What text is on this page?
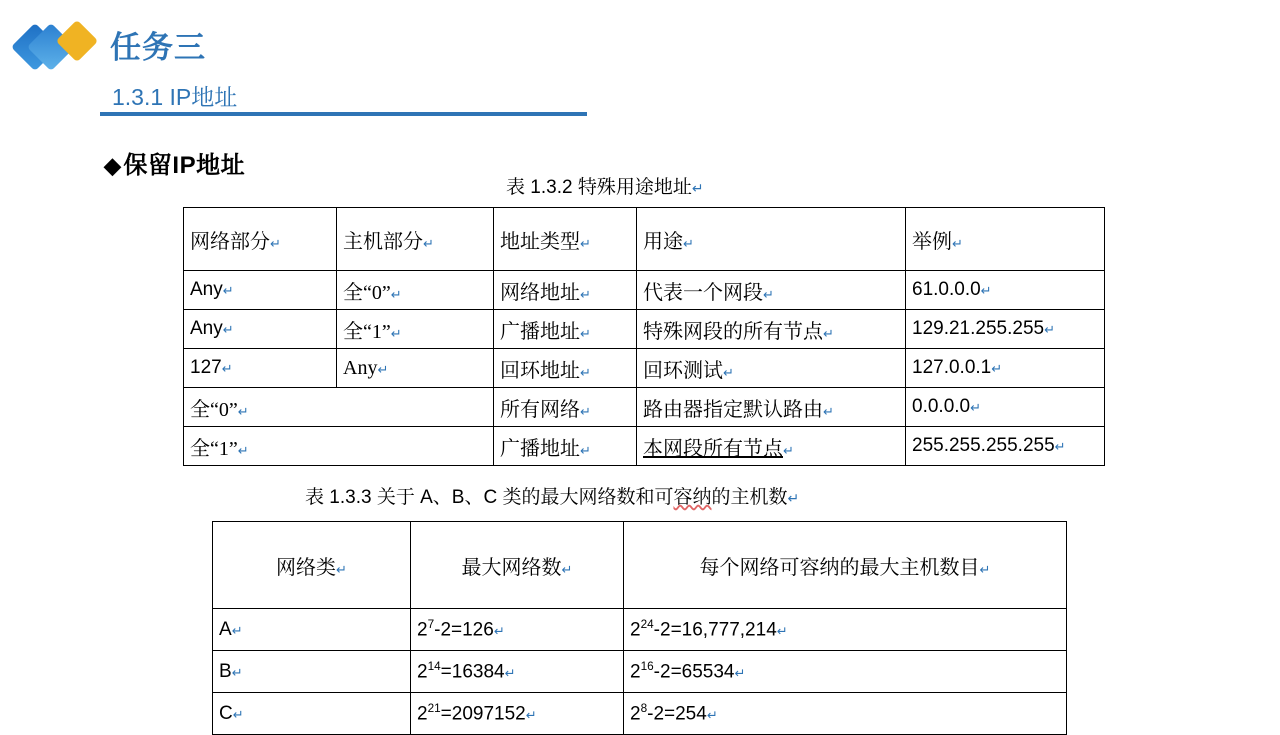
任务三
1.3.1 IP地址
◆保留IP地址
表 1.3.2 特殊用途地址↵
网络部分↵	主机部分↵	地址类型↵	用途↵	举例↵
Any↵	全“0”↵	网络地址↵	代表一个网段↵	61.0.0.0↵
Any↵	全“1”↵	广播地址↵	特殊网段的所有节点↵	129.21.255.255↵
127↵	Any↵	回环地址↵	回环测试↵	127.0.0.1↵
全“0”↵		所有网络↵	路由器指定默认路由↵	0.0.0.0↵
全“1”↵		广播地址↵	本网段所有节点↵	255.255.255.255↵
表 1.3.3 关于 A、B、C 类的最大网络数和可容纳的主机数↵
网络类↵	最大网络数↵	每个网络可容纳的最大主机数目↵
A↵	$2^7-2=126↵$	$2^{24}-2=16,777,214↵$
B↵	$2^{14}=16384↵$	$2^{16}-2=65534↵$
C↵	$2^{21}=2097152↵$	$2^8-2=254↵$
